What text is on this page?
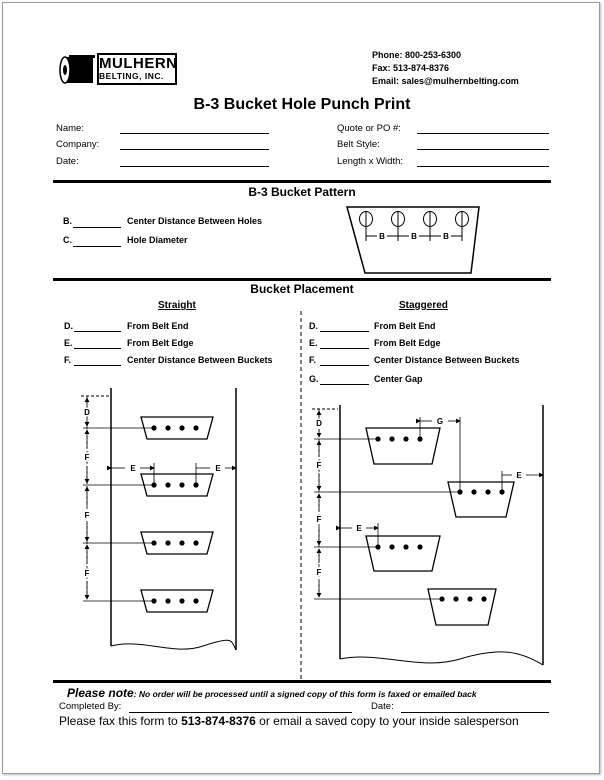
MULHERN
BELTING, INC.
Phone: 800-253-6300
Fax: 513-874-8376
Email: sales@mulhernbelting.com
B-3 Bucket Hole Punch Print
Name:
Company:
Date:
Quote or PO #:
Belt Style:
Length x Width:
B-3 Bucket Pattern
B.	Center Distance Between Holes
C.	Hole Diameter	B	B	B
Bucket Placement
Straight	Staggered
D.	From Belt End
E.	From Belt Edge
F.	Center Distance Between Buckets
D.	From Belt End
E.	From Belt Edge
F.	Center Distance Between Buckets
G.	Center Gap
D
F
F
F
E	E
D
F
F
F
G
E
E
Please note: No order will be processed until a signed copy of this form is faxed or emailed back
Completed By:	Date:
Please fax this form to 513-874-8376 or email a saved copy to your inside salesperson
